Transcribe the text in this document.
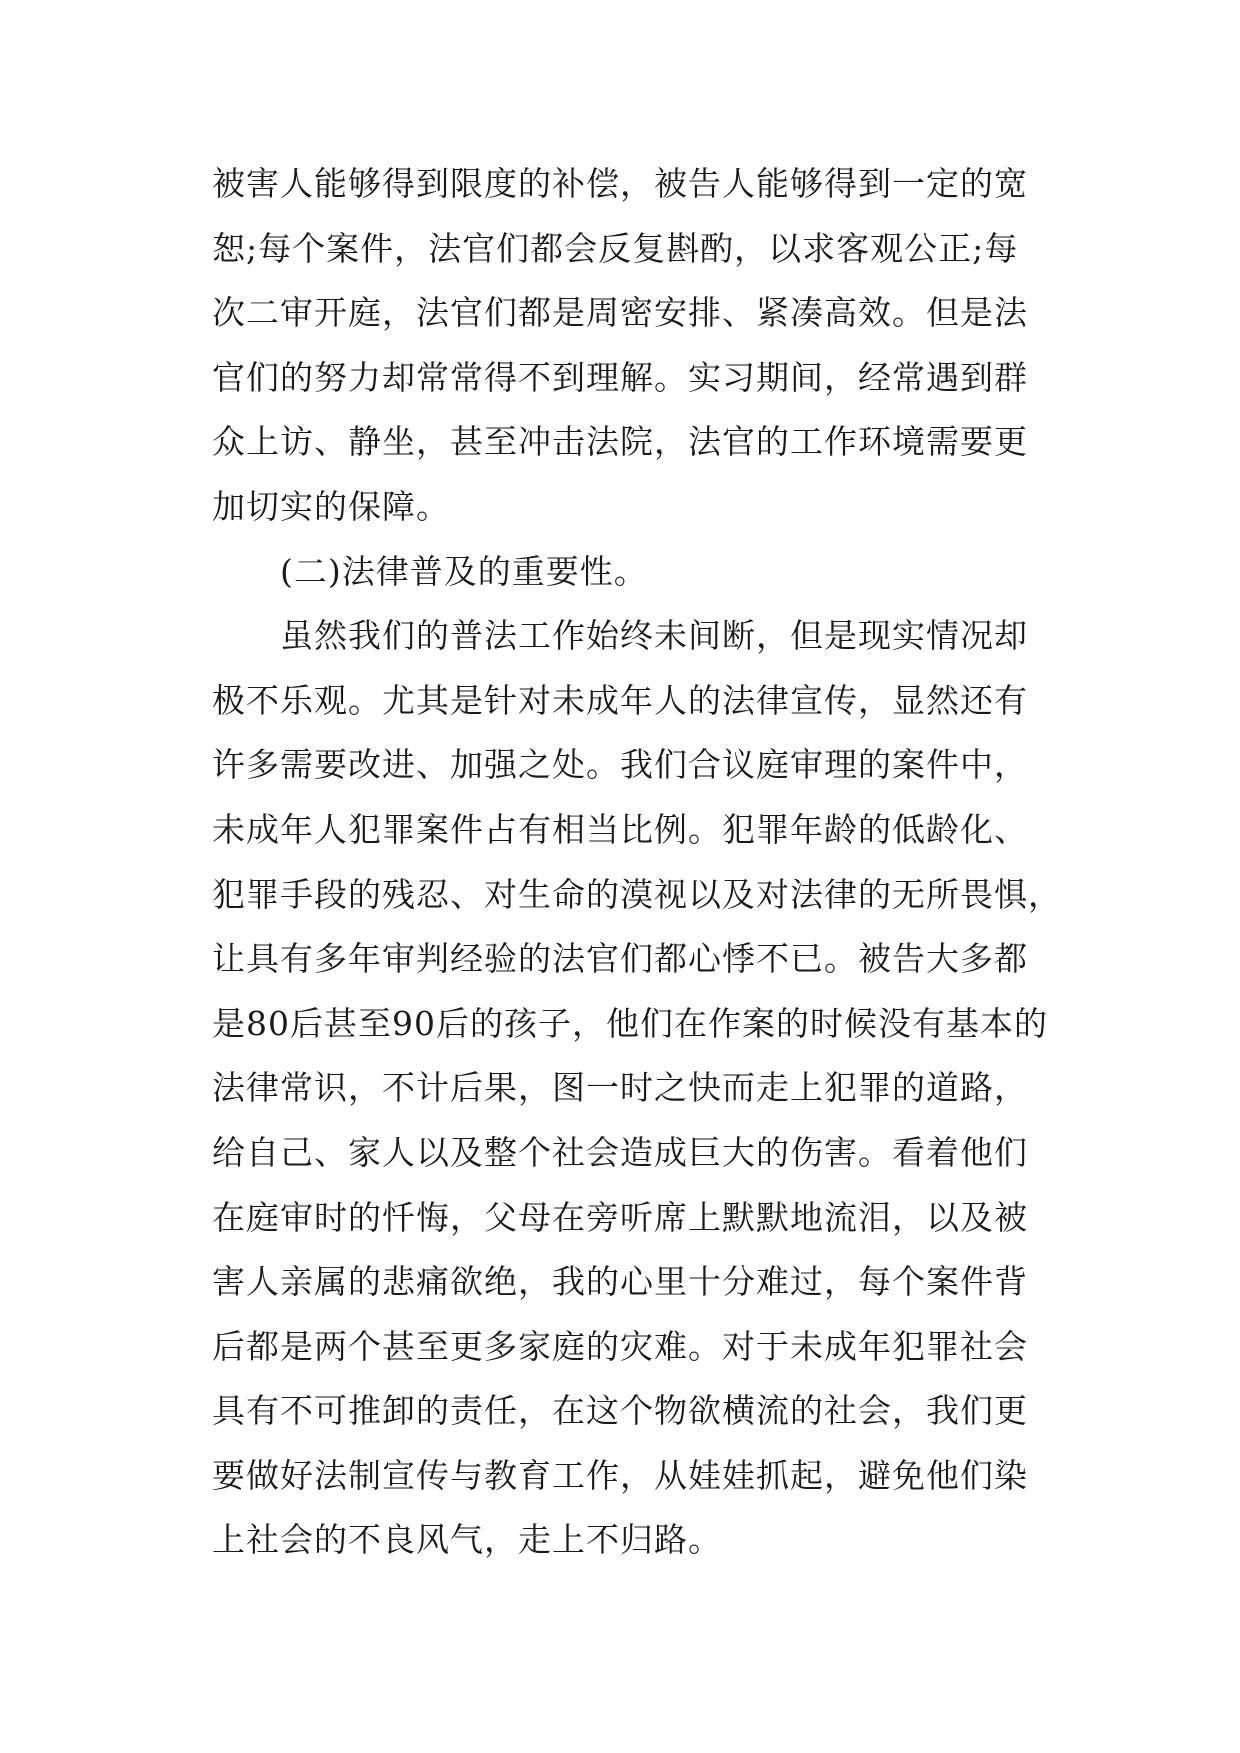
被害人能够得到限度的补偿，被告人能够得到一定的宽
恕;每个案件，法官们都会反复斟酌，以求客观公正;每
次二审开庭，法官们都是周密安排、紧凑高效。但是法
官们的努力却常常得不到理解。实习期间，经常遇到群
众上访、静坐，甚至冲击法院，法官的工作环境需要更
加切实的保障。
(二)法律普及的重要性。
虽然我们的普法工作始终未间断，但是现实情况却
极不乐观。尤其是针对未成年人的法律宣传，显然还有
许多需要改进、加强之处。我们合议庭审理的案件中，
未成年人犯罪案件占有相当比例。犯罪年龄的低龄化、
犯罪手段的残忍、对生命的漠视以及对法律的无所畏惧，
让具有多年审判经验的法官们都心悸不已。被告大多都
是80后甚至90后的孩子，他们在作案的时候没有基本的
法律常识，不计后果，图一时之快而走上犯罪的道路，
给自己、家人以及整个社会造成巨大的伤害。看着他们
在庭审时的忏悔，父母在旁听席上默默地流泪，以及被
害人亲属的悲痛欲绝，我的心里十分难过，每个案件背
后都是两个甚至更多家庭的灾难。对于未成年犯罪社会
具有不可推卸的责任，在这个物欲横流的社会，我们更
要做好法制宣传与教育工作，从娃娃抓起，避免他们染
上社会的不良风气，走上不归路。
